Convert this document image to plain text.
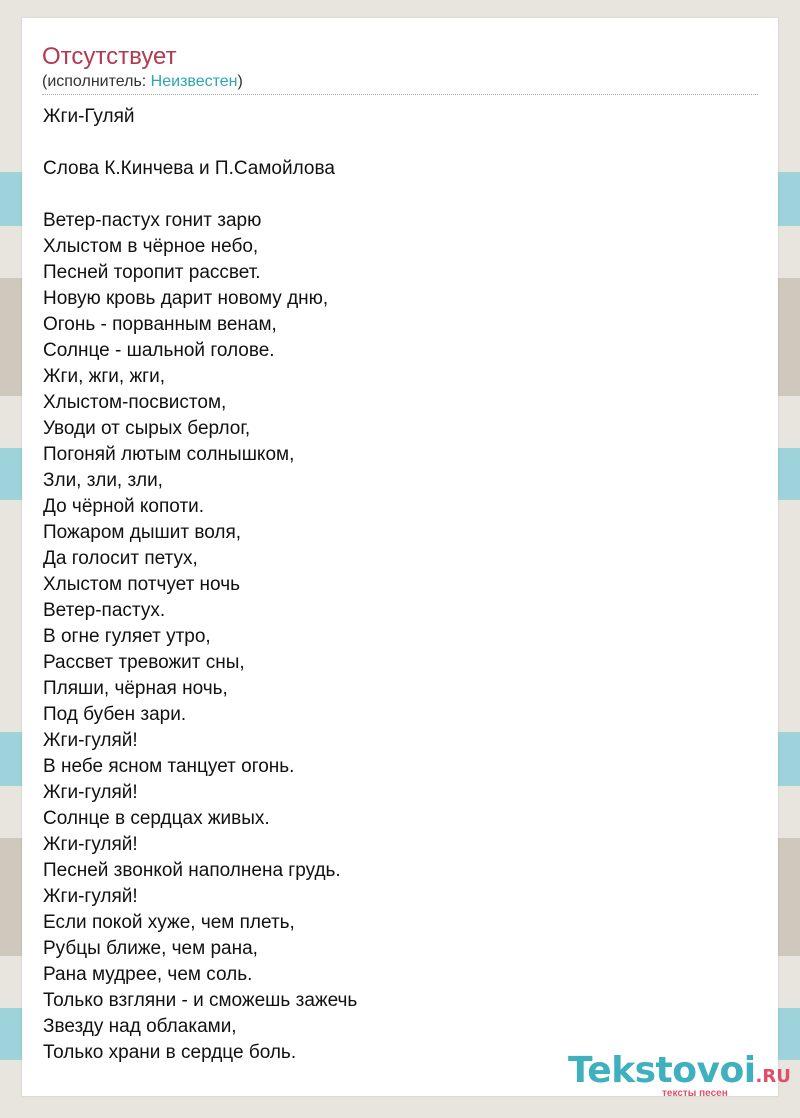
Отсутствует
(исполнитель: Неизвестен)
Жги-Гуляй
Слова К.Кинчева и П.Самойлова
Ветер-пастух гонит зарю
Хлыстом в чёрное небо,
Песней торопит рассвет.
Новую кровь дарит новому дню,
Огонь - порванным венам,
Солнце - шальной голове.
Жги, жги, жги,
Хлыстом-посвистом,
Уводи от сырых берлог,
Погоняй лютым солнышком,
Зли, зли, зли,
До чёрной копоти.
Пожаром дышит воля,
Да голосит петух,
Хлыстом потчует ночь
Ветер-пастух.
В огне гуляет утро,
Рассвет тревожит сны,
Пляши, чёрная ночь,
Под бубен зари.
Жги-гуляй!
В небе ясном танцует огонь.
Жги-гуляй!
Солнце в сердцах живых.
Жги-гуляй!
Песней звонкой наполнена грудь.
Жги-гуляй!
Если покой хуже, чем плеть,
Рубцы ближе, чем рана,
Рана мудрее, чем соль.
Только взгляни - и сможешь зажечь
Звезду над облаками,
Только храни в сердце боль.	Tekstovoi.RU
тексты песен
